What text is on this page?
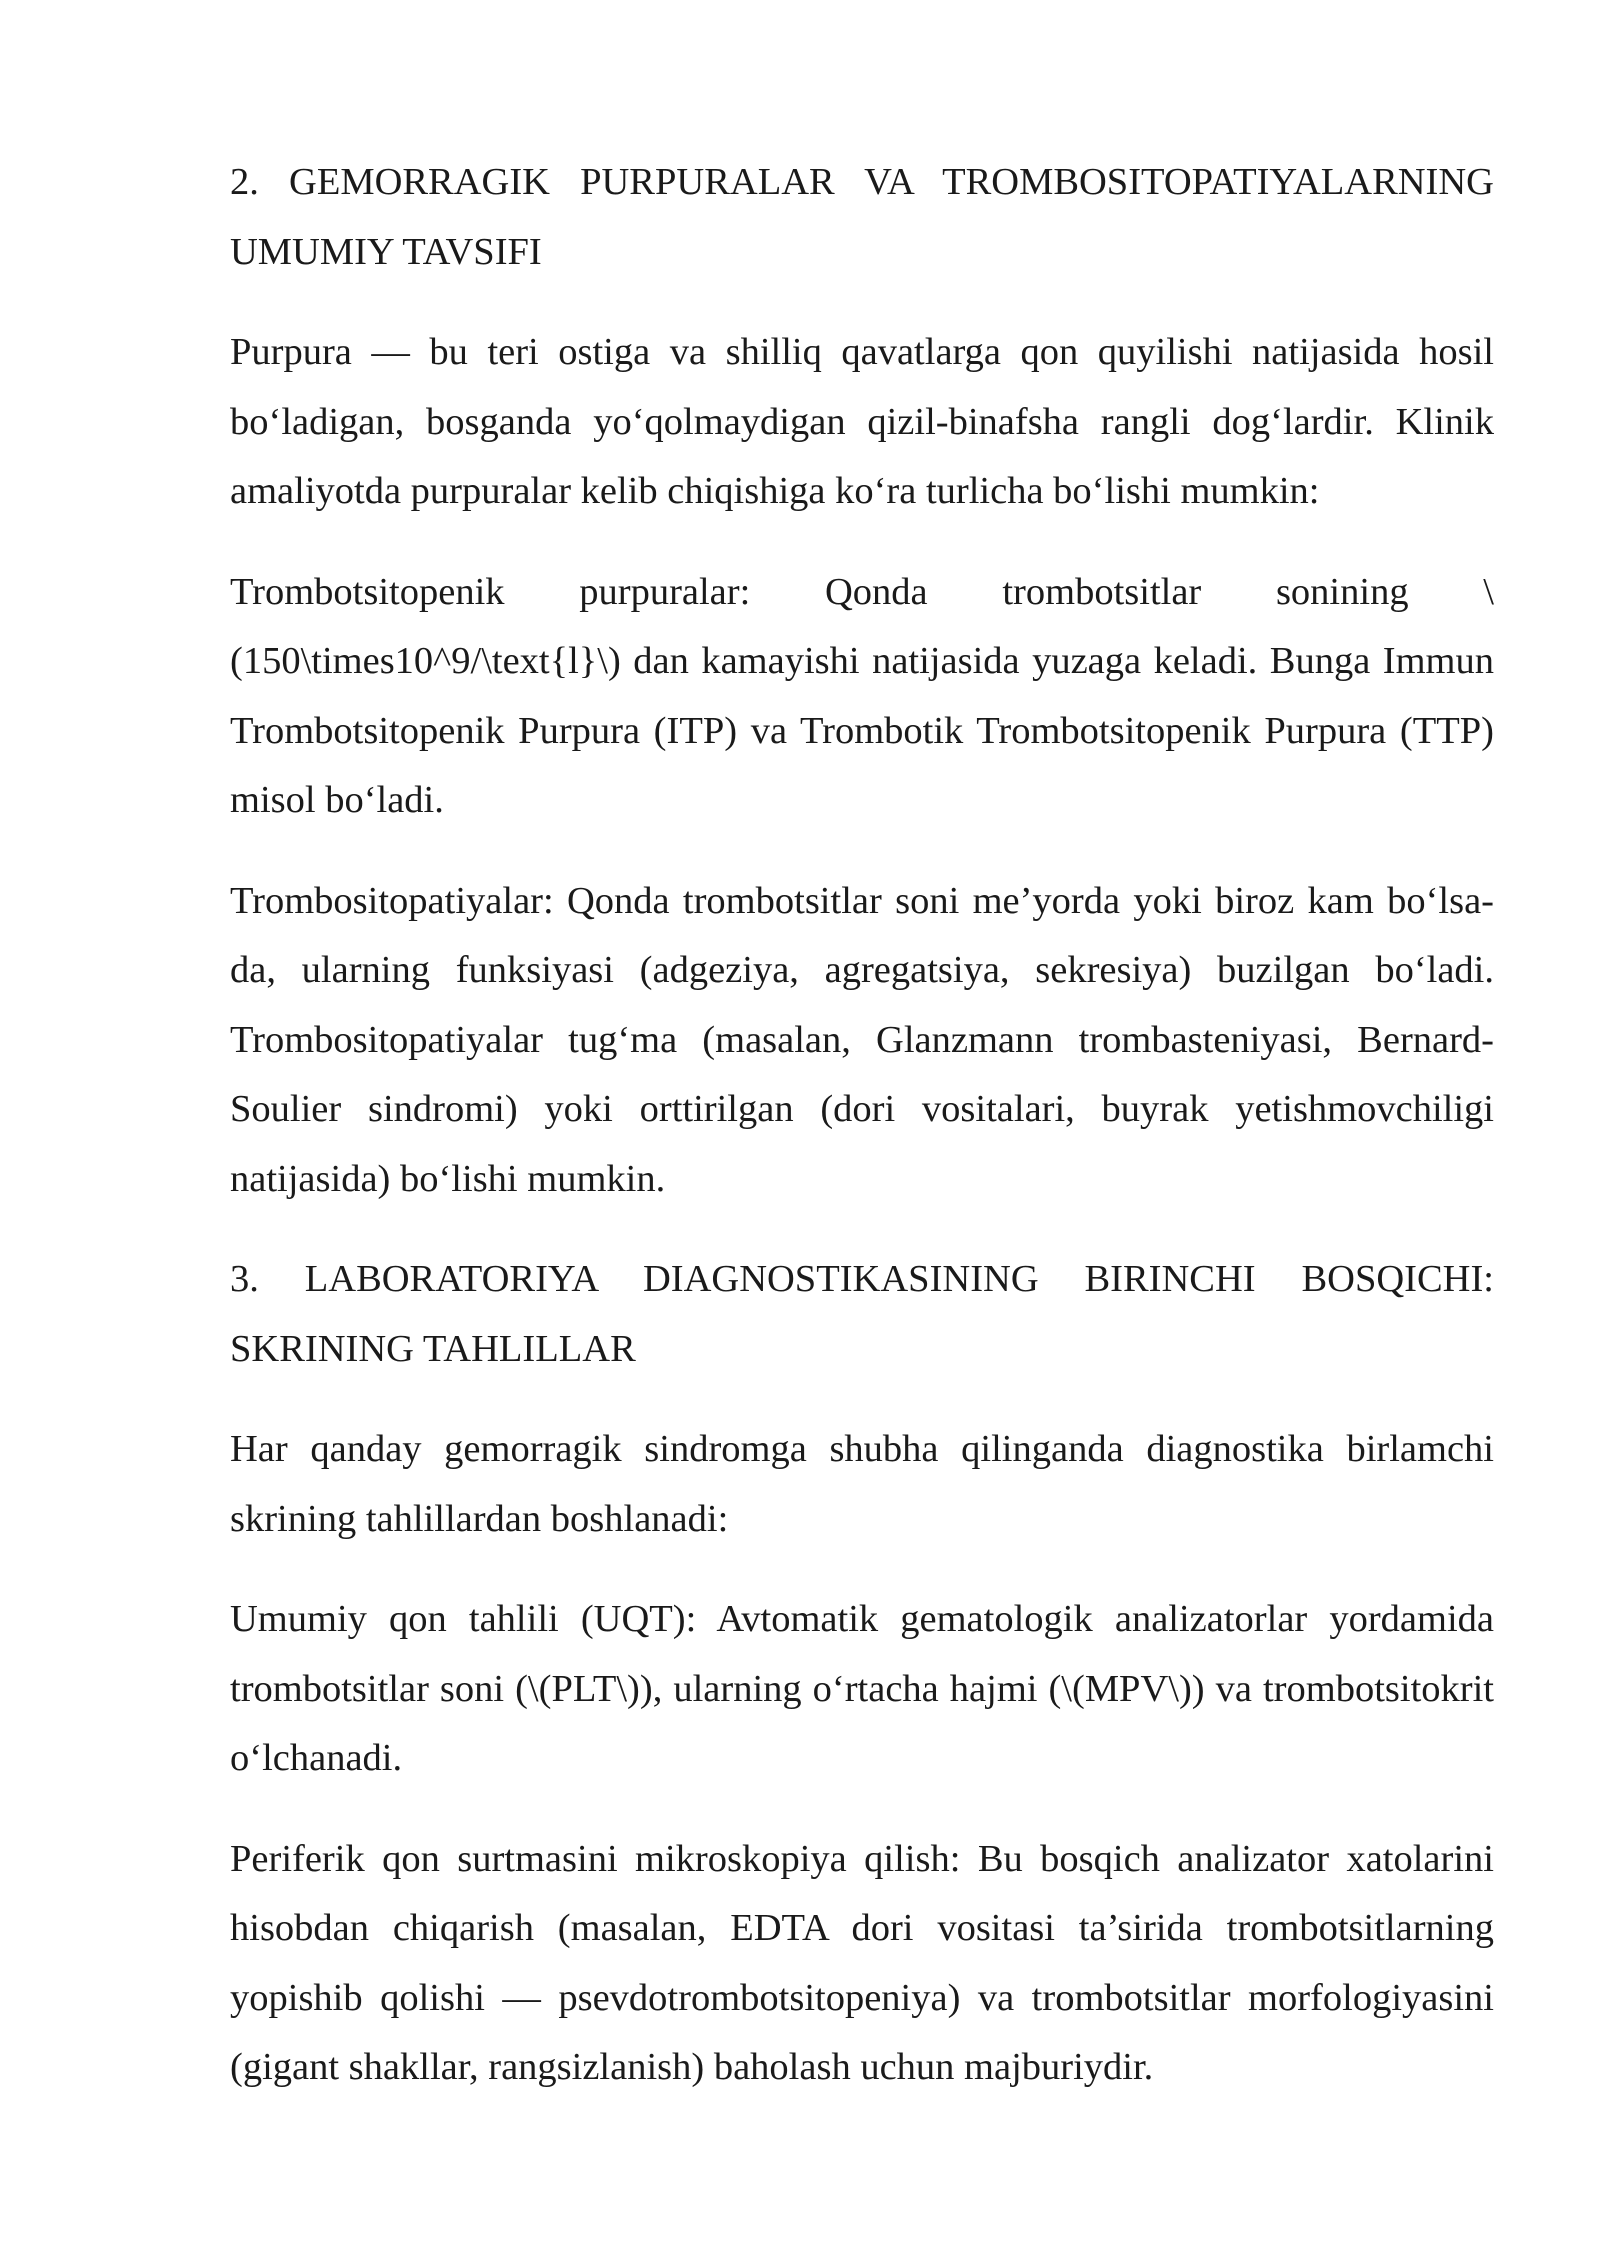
2. GEMORRAGIK PURPURALAR VA TROMBOSITOPATIYALARNING UMUMIY TAVSIFI

Purpura — bu teri ostiga va shilliq qavatlarga qon quyilishi natijasida hosil bo‘ladigan, bosganda yo‘qolmaydigan qizil-binafsha rangli dog‘lardir. Klinik amaliyotda purpuralar kelib chiqishiga ko‘ra turlicha bo‘lishi mumkin:

Trombotsitopenik purpuralar: Qonda trombotsitlar sonining \(150\times10^9/\text{l}\) dan kamayishi natijasida yuzaga keladi. Bunga Immun Trombotsitopenik Purpura (ITP) va Trombotik Trombotsitopenik Purpura (TTP) misol bo‘ladi.

Trombositopatiyalar: Qonda trombotsitlar soni me’yorda yoki biroz kam bo‘lsa-da, ularning funksiyasi (adgeziya, agregatsiya, sekresiya) buzilgan bo‘ladi. Trombositopatiyalar tug‘ma (masalan, Glanzmann trombasteniyasi, Bernard-Soulier sindromi) yoki orttirilgan (dori vositalari, buyrak yetishmovchiligi natijasida) bo‘lishi mumkin.

3. LABORATORIYA DIAGNOSTIKASINING BIRINCHI BOSQICHI: SKRINING TAHLILLAR

Har qanday gemorragik sindromga shubha qilinganda diagnostika birlamchi skrining tahlillardan boshlanadi:

Umumiy qon tahlili (UQT): Avtomatik gematologik analizatorlar yordamida trombotsitlar soni (\(PLT\)), ularning o‘rtacha hajmi (\(MPV\)) va trombotsitokrit o‘lchanadi.

Periferik qon surtmasini mikroskopiya qilish: Bu bosqich analizator xatolarini hisobdan chiqarish (masalan, EDTA dori vositasi ta’sirida trombotsitlarning yopishib qolishi — psevdotrombotsitopeniya) va trombotsitlar morfologiyasini (gigant shakllar, rangsizlanish) baholash uchun majburiydir.
